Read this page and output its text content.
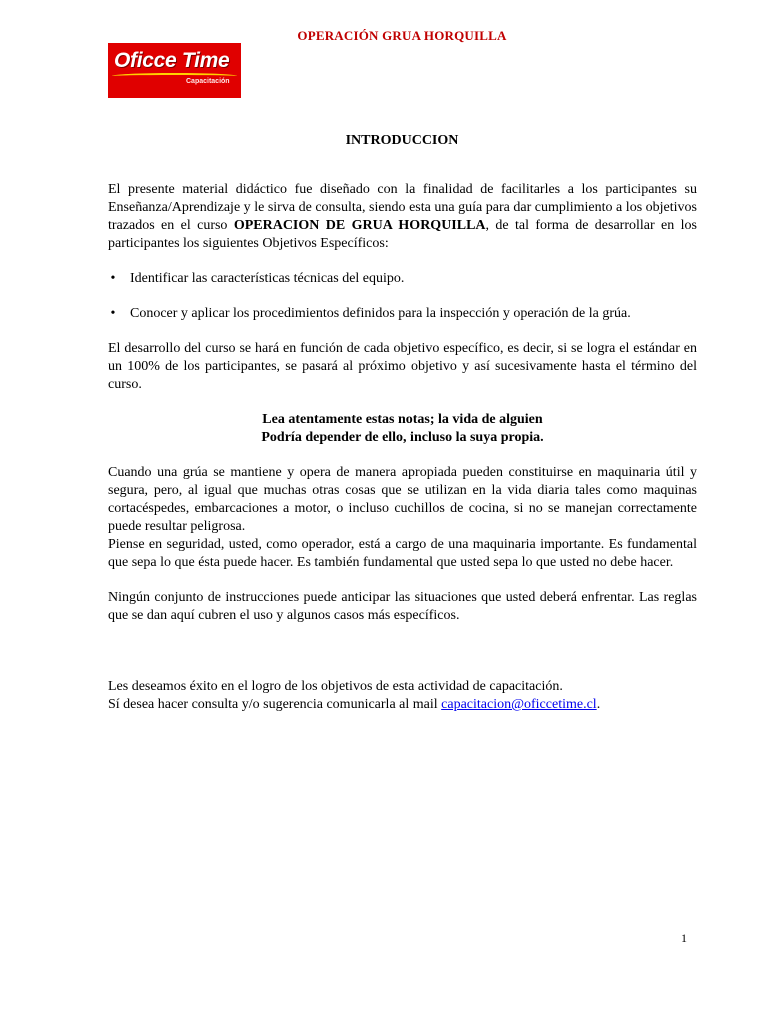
OPERACIÓN GRUA HORQUILLA
Oficce Time
Capacitación
INTRODUCCION

El presente material didáctico fue diseñado con la finalidad de facilitarles a los participantes su Enseñanza/Aprendizaje y le sirva de consulta, siendo esta una guía para dar cumplimiento a los objetivos trazados en el curso OPERACION DE GRUA HORQUILLA, de tal forma de desarrollar en los participantes los siguientes Objetivos Específicos:

• Identificar las características técnicas del equipo.
• Conocer y aplicar los procedimientos definidos para la inspección y operación de la grúa.

El desarrollo del curso se hará en función de cada objetivo específico, es decir, si se logra el estándar en un 100% de los participantes, se pasará al próximo objetivo y así sucesivamente hasta el término del curso.

Lea atentamente estas notas; la vida de alguien
Podría depender de ello, incluso la suya propia.

Cuando una grúa se mantiene y opera de manera apropiada pueden constituirse en maquinaria útil y segura, pero, al igual que muchas otras cosas que se utilizan en la vida diaria tales como maquinas cortacéspedes, embarcaciones a motor, o incluso cuchillos de cocina, si no se manejan correctamente puede resultar peligrosa.

Piense en seguridad, usted, como operador, está a cargo de una maquinaria importante. Es fundamental que sepa lo que ésta puede hacer. Es también fundamental que usted sepa lo que usted no debe hacer.

Ningún conjunto de instrucciones puede anticipar las situaciones que usted deberá enfrentar. Las reglas que se dan aquí cubren el uso y algunos casos más específicos.

Les deseamos éxito en el logro de los objetivos de esta actividad de capacitación.
Sí desea hacer consulta y/o sugerencia comunicarla al mail capacitacion@oficcetime.cl.
1
